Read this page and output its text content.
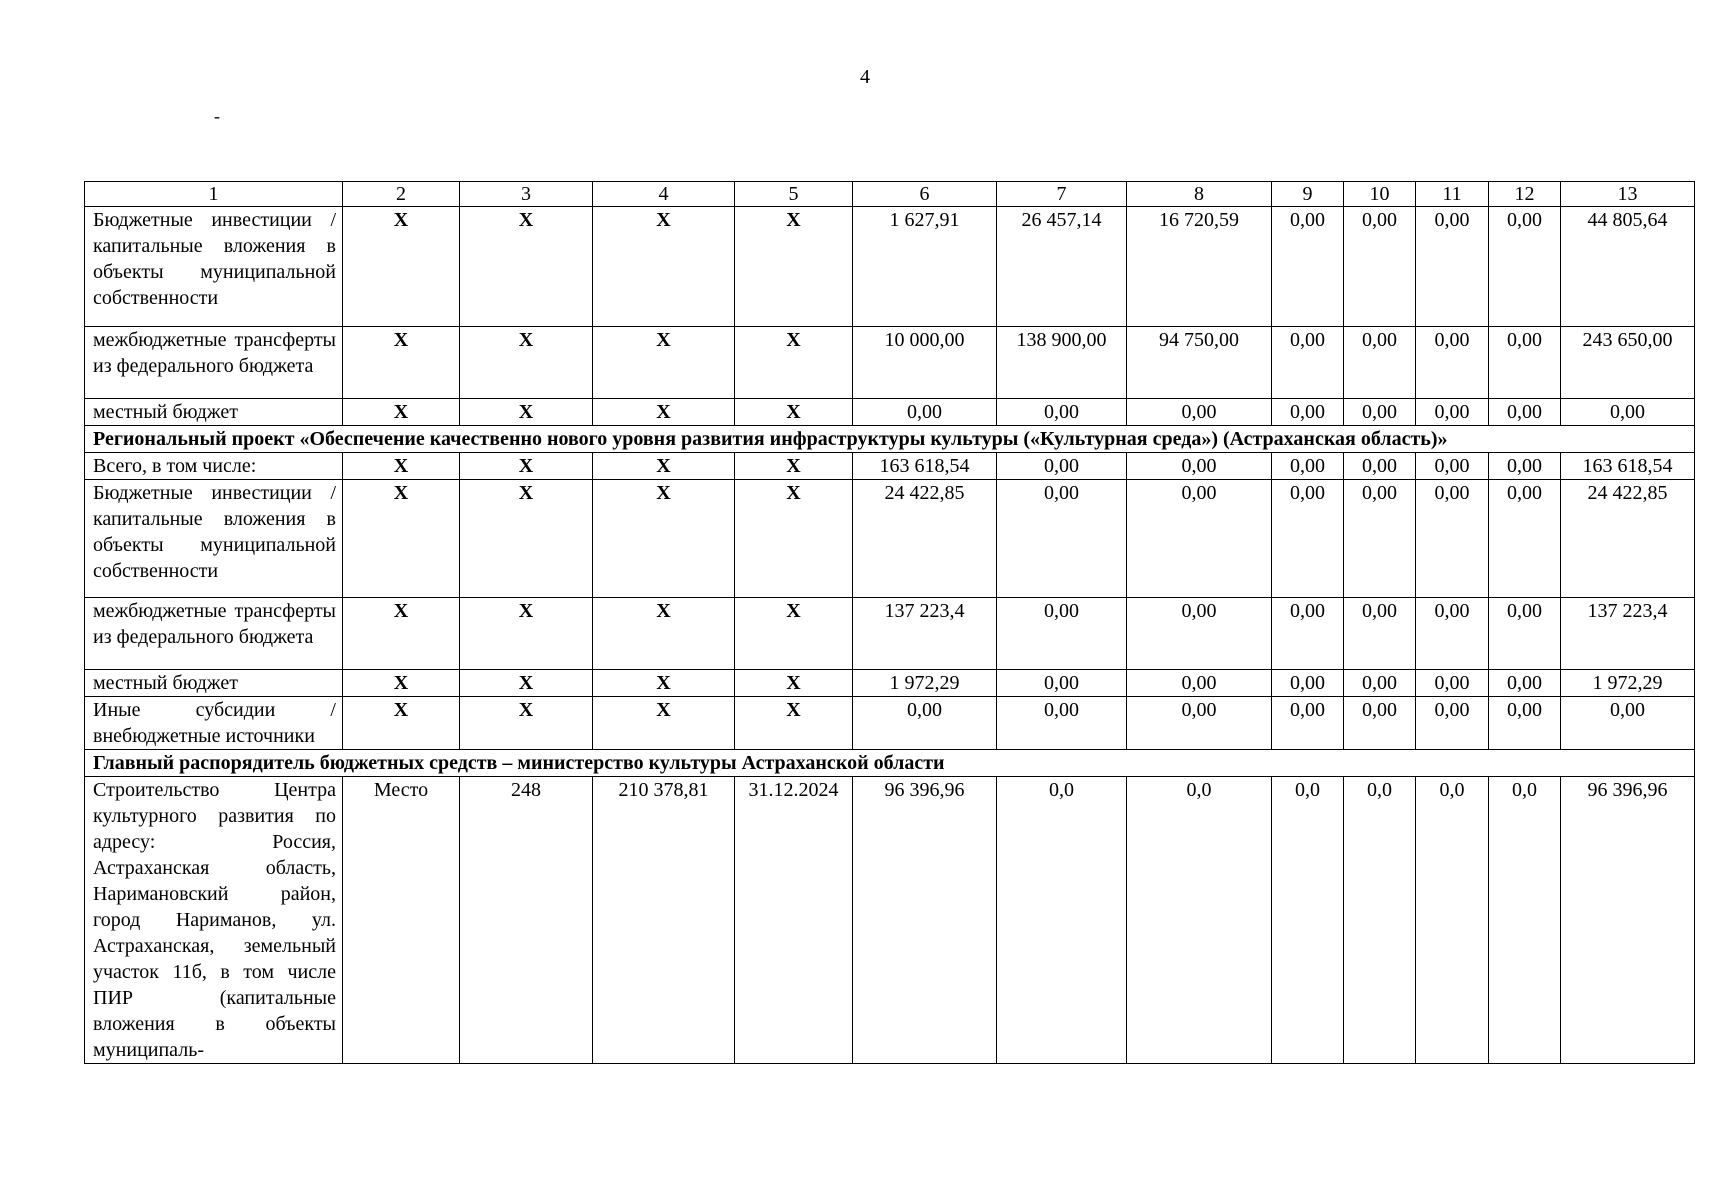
4
-
1	2	3	4	5	6	7	8	9	10	11	12	13
Бюджетные инвестиции / капитальные вложения в объекты муниципальной собственности	X	X	X	X	1 627,91	26 457,14	16 720,59	0,00	0,00	0,00	0,00	44 805,64
межбюджетные трансферты из федерального бюджета	X	X	X	X	10 000,00	138 900,00	94 750,00	0,00	0,00	0,00	0,00	243 650,00
местный бюджет	X	X	X	X	0,00	0,00	0,00	0,00	0,00	0,00	0,00	0,00
Региональный проект «Обеспечение качественно нового уровня развития инфраструктуры культуры («Культурная среда») (Астраханская область)»												
Всего, в том числе:	X	X	X	X	163 618,54	0,00	0,00	0,00	0,00	0,00	0,00	163 618,54
Бюджетные инвестиции / капитальные вложения в объекты муниципальной собственности	X	X	X	X	24 422,85	0,00	0,00	0,00	0,00	0,00	0,00	24 422,85
межбюджетные трансферты из федерального бюджета	X	X	X	X	137 223,4	0,00	0,00	0,00	0,00	0,00	0,00	137 223,4
местный бюджет	X	X	X	X	1 972,29	0,00	0,00	0,00	0,00	0,00	0,00	1 972,29
Иные субсидии / внебюджетные источники	X	X	X	X	0,00	0,00	0,00	0,00	0,00	0,00	0,00	0,00
Главный распорядитель бюджетных средств – министерство культуры Астраханской области												
Строительство Центра культурного развития по адресу: Россия, Астраханская область, Наримановский район, город Нариманов, ул. Астраханская, земельный участок 11б, в том числе ПИР (капитальные вложения в объекты муниципаль-	Место	248	210 378,81	31.12.2024	96 396,96	0,0	0,0	0,0	0,0	0,0	0,0	96 396,96
